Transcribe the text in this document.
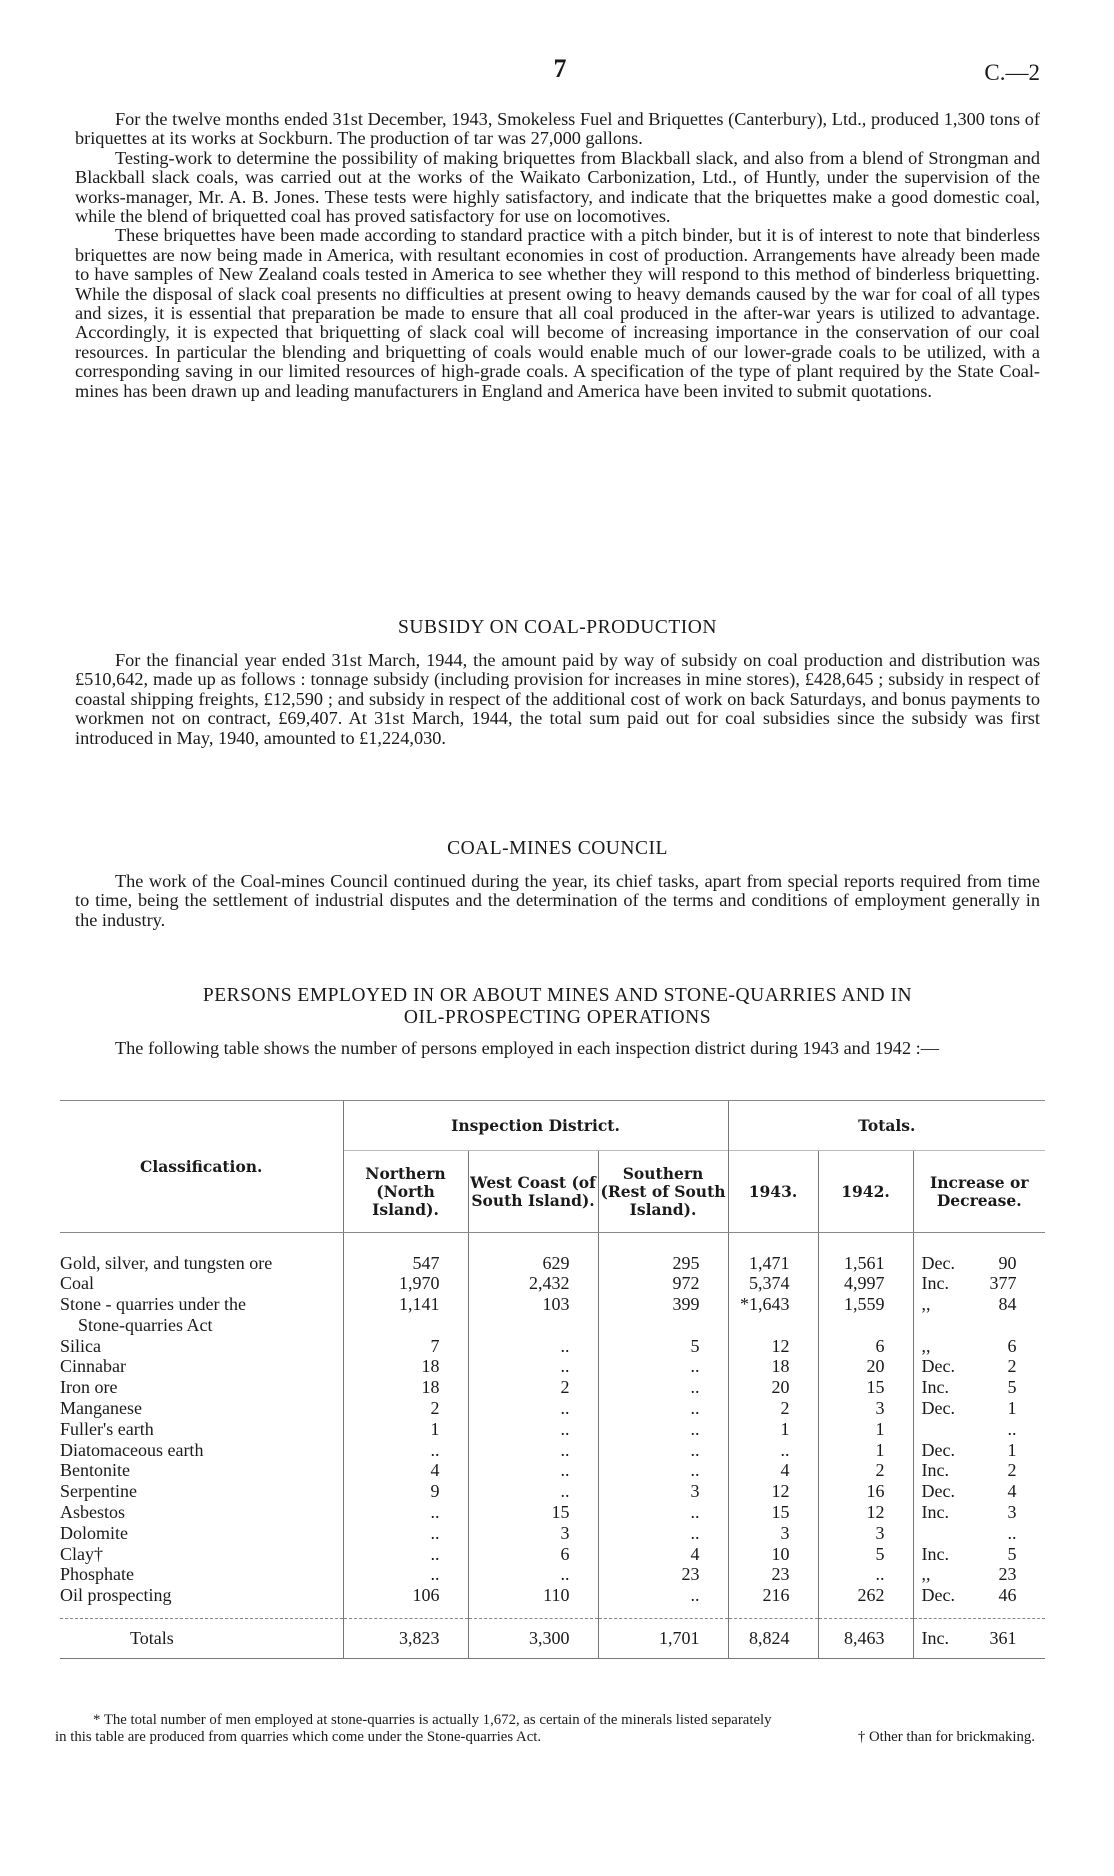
7	C.—2

For the twelve months ended 31st December, 1943, Smokeless Fuel and Briquettes (Canterbury), Ltd., produced 1,300 tons of briquettes at its works at Sockburn. The production of tar was 27,000 gallons.

Testing-work to determine the possibility of making briquettes from Blackball slack, and also from a blend of Strongman and Blackball slack coals, was carried out at the works of the Waikato Carbonization, Ltd., of Huntly, under the supervision of the works-manager, Mr. A. B. Jones. These tests were highly satisfactory, and indicate that the briquettes make a good domestic coal, while the blend of briquetted coal has proved satisfactory for use on locomotives.

These briquettes have been made according to standard practice with a pitch binder, but it is of interest to note that binderless briquettes are now being made in America, with resultant economies in cost of production. Arrangements have already been made to have samples of New Zealand coals tested in America to see whether they will respond to this method of binderless briquetting. While the disposal of slack coal presents no difficulties at present owing to heavy demands caused by the war for coal of all types and sizes, it is essential that preparation be made to ensure that all coal produced in the after-war years is utilized to advantage. Accordingly, it is expected that briquetting of slack coal will become of increasing importance in the conservation of our coal resources. In particular the blending and briquetting of coals would enable much of our lower-grade coals to be utilized, with a corresponding saving in our limited resources of high-grade coals. A specification of the type of plant required by the State Coal-mines has been drawn up and leading manufacturers in England and America have been invited to submit quotations.

SUBSIDY ON COAL-PRODUCTION

For the financial year ended 31st March, 1944, the amount paid by way of subsidy on coal production and distribution was £510,642, made up as follows : tonnage subsidy (including provision for increases in mine stores), £428,645 ; subsidy in respect of coastal shipping freights, £12,590 ; and subsidy in respect of the additional cost of work on back Saturdays, and bonus payments to workmen not on contract, £69,407. At 31st March, 1944, the total sum paid out for coal subsidies since the subsidy was first introduced in May, 1940, amounted to £1,224,030.

COAL-MINES COUNCIL

The work of the Coal-mines Council continued during the year, its chief tasks, apart from special reports required from time to time, being the settlement of industrial disputes and the determination of the terms and conditions of employment generally in the industry.

PERSONS EMPLOYED IN OR ABOUT MINES AND STONE-QUARRIES AND IN
OIL-PROSPECTING OPERATIONS

The following table shows the number of persons employed in each inspection district during 1943 and 1942 :—

Classification.	Inspection District.			Totals.		
	Northern (North Island).	West Coast (of South Island).	Southern (Rest of South Island).	1943.	1942.	Increase or Decrease.

Gold, silver, and tungsten ore	547	629	295	1,471	1,561	Dec. 90
Coal	1,970	2,432	972	5,374	4,997	Inc. 377
Stone - quarries under the
Stone-quarries Act	1,141	103	399	*1,643	1,559	,, 84
Silica	7	..	5	12	6	,, 6
Cinnabar	18	..	..	18	20	Dec. 2
Iron ore	18	2	..	20	15	Inc. 5
Manganese	2	..	..	2	3	Dec. 1
Fuller's earth	1	..	..	1	1	..
Diatomaceous earth	..	..	..	..	1	Dec. 1
Bentonite	4	..	..	4	2	Inc. 2
Serpentine	9	..	3	12	16	Dec. 4
Asbestos	..	15	..	15	12	Inc. 3
Dolomite	..	3	..	3	3	..
Clay†	..	6	4	10	5	Inc. 5
Phosphate	..	..	23	23	..	,, 23
Oil prospecting	106	110	..	216	262	Dec. 46

Totals	3,823	3,300	1,701	8,824	8,463	Inc. 361
* The total number of men employed at stone-quarries is actually 1,672, as certain of the minerals listed separately
in this table are produced from quarries which come under the Stone-quarries Act.	† Other than for brickmaking.
